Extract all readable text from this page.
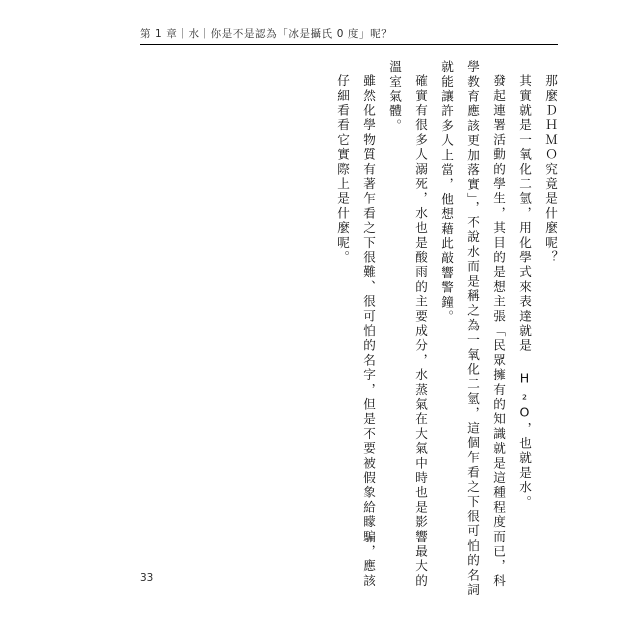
第 1 章｜水｜你是不是認為「冰是攝氏 0 度」呢？
那麼ＤＨＭＯ究竟是什麼呢？
其實就是一氧化二氫，用化學式來表達就是 H₂O，也就是水。
發起連署活動的學生，其目的是想主張「民眾擁有的知識就是這種程度而已，科
學教育應該更加落實」，不說水而是稱之為一氧化二氫，這個乍看之下很可怕的名詞
就能讓許多人上當，他想藉此敲響警鐘。
確實有很多人溺死，水也是酸雨的主要成分，水蒸氣在大氣中時也是影響最大的
溫室氣體。
雖然化學物質有著乍看之下很難、很可怕的名字，但是不要被假象給矇騙，應該
仔細看看它實際上是什麼呢。
33
